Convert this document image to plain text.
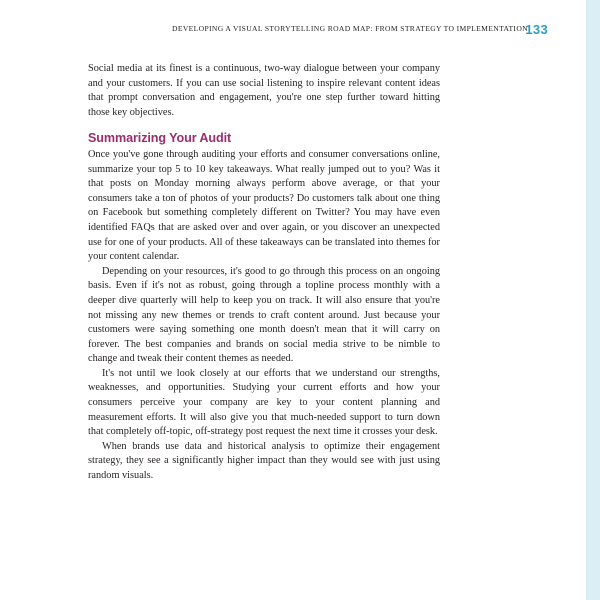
DEVELOPING A VISUAL STORYTELLING ROAD MAP: FROM STRATEGY TO IMPLEMENTATION
133

Social media at its finest is a continuous, two-way dialogue between your company and your customers. If you can use social listening to inspire relevant content ideas that prompt conversation and engagement, you're one step further toward hitting those key objectives.

Summarizing Your Audit

Once you've gone through auditing your efforts and consumer conversations online, summarize your top 5 to 10 key takeaways. What really jumped out to you? Was it that posts on Monday morning always perform above average, or that your consumers take a ton of photos of your products? Do customers talk about one thing on Facebook but something completely different on Twitter? You may have even identified FAQs that are asked over and over again, or you discover an unexpected use for one of your products. All of these takeaways can be translated into themes for your content calendar.

Depending on your resources, it's good to go through this process on an ongoing basis. Even if it's not as robust, going through a topline process monthly with a deeper dive quarterly will help to keep you on track. It will also ensure that you're not missing any new themes or trends to craft content around. Just because your customers were saying something one month doesn't mean that it will carry on forever. The best companies and brands on social media strive to be nimble to change and tweak their content themes as needed.

It's not until we look closely at our efforts that we understand our strengths, weaknesses, and opportunities. Studying your current efforts and how your consumers perceive your company are key to your content planning and measurement efforts. It will also give you that much-needed support to turn down that completely off-topic, off-strategy post request the next time it crosses your desk.

When brands use data and historical analysis to optimize their engagement strategy, they see a significantly higher impact than they would see with just using random visuals.
